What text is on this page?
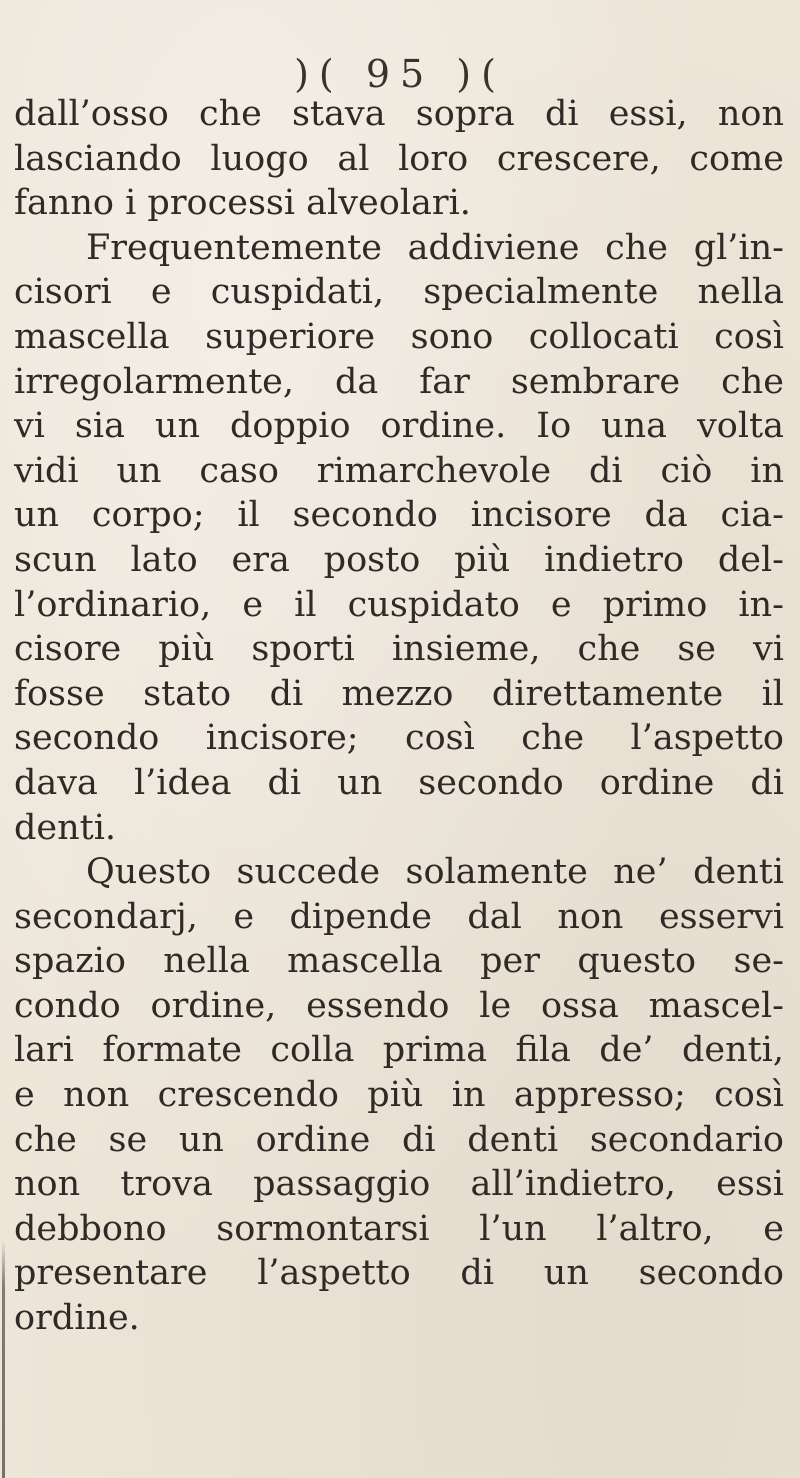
)( 95 )(
dall’osso che stava sopra di essi, non
lasciando luogo al loro crescere, come
fanno i processi alveolari.
Frequentemente addiviene che gl’in-
cisori e cuspidati, specialmente nella
mascella superiore sono collocati così
irregolarmente, da far sembrare che
vi sia un doppio ordine. Io una volta
vidi un caso rimarchevole di ciò in
un corpo; il secondo incisore da cia-
scun lato era posto più indietro del-
l’ordinario, e il cuspidato e primo in-
cisore più sporti insieme, che se vi
fosse stato di mezzo direttamente il
secondo incisore; così che l’aspetto
dava l’idea di un secondo ordine di
denti.
Questo succede solamente ne’ denti
secondarj, e dipende dal non esservi
spazio nella mascella per questo se-
condo ordine, essendo le ossa mascel-
lari formate colla prima fila de’ denti,
e non crescendo più in appresso; così
che se un ordine di denti secondario
non trova passaggio all’indietro, essi
debbono sormontarsi l’un l’altro, e
presentare l’aspetto di un secondo
ordine.
